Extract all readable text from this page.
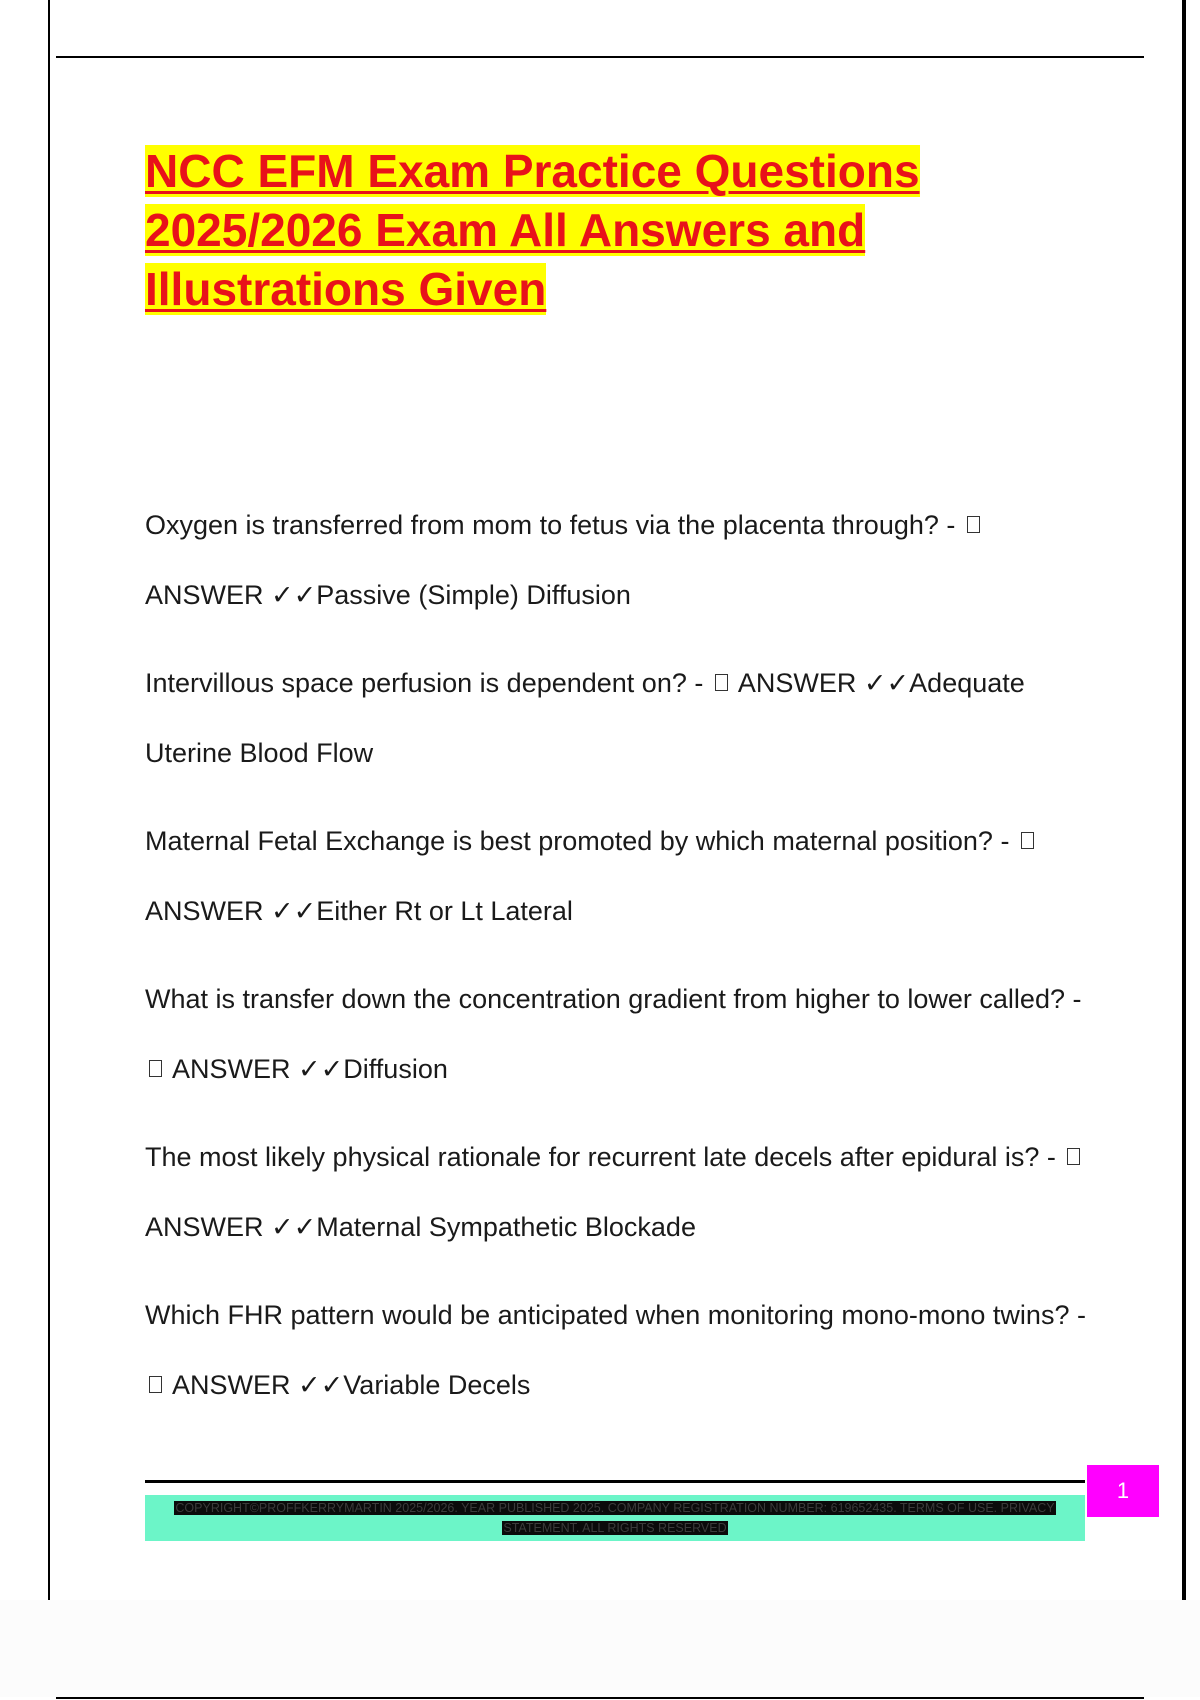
NCC EFM Exam Practice Questions
2025/2026 Exam All Answers and
Illustrations Given
Oxygen is transferred from mom to fetus via the placenta through? -  ANSWER ✓✓Passive (Simple) Diffusion
Intervillous space perfusion is dependent on? - ANSWER ✓✓Adequate Uterine Blood Flow
Maternal Fetal Exchange is best promoted by which maternal position? -  ANSWER ✓✓Either Rt or Lt Lateral
What is transfer down the concentration gradient from higher to lower called? -  ANSWER ✓✓Diffusion
The most likely physical rationale for recurrent late decels after epidural is? -  ANSWER ✓✓Maternal Sympathetic Blockade
Which FHR pattern would be anticipated when monitoring mono-mono twins? -  ANSWER ✓✓Variable Decels
1
COPYRIGHT©PROFFKERRYMARTIN 2025/2026. YEAR PUBLISHED 2025. COMPANY REGISTRATION NUMBER: 619652435. TERMS OF USE. PRIVACY STATEMENT. ALL RIGHTS RESERVED
